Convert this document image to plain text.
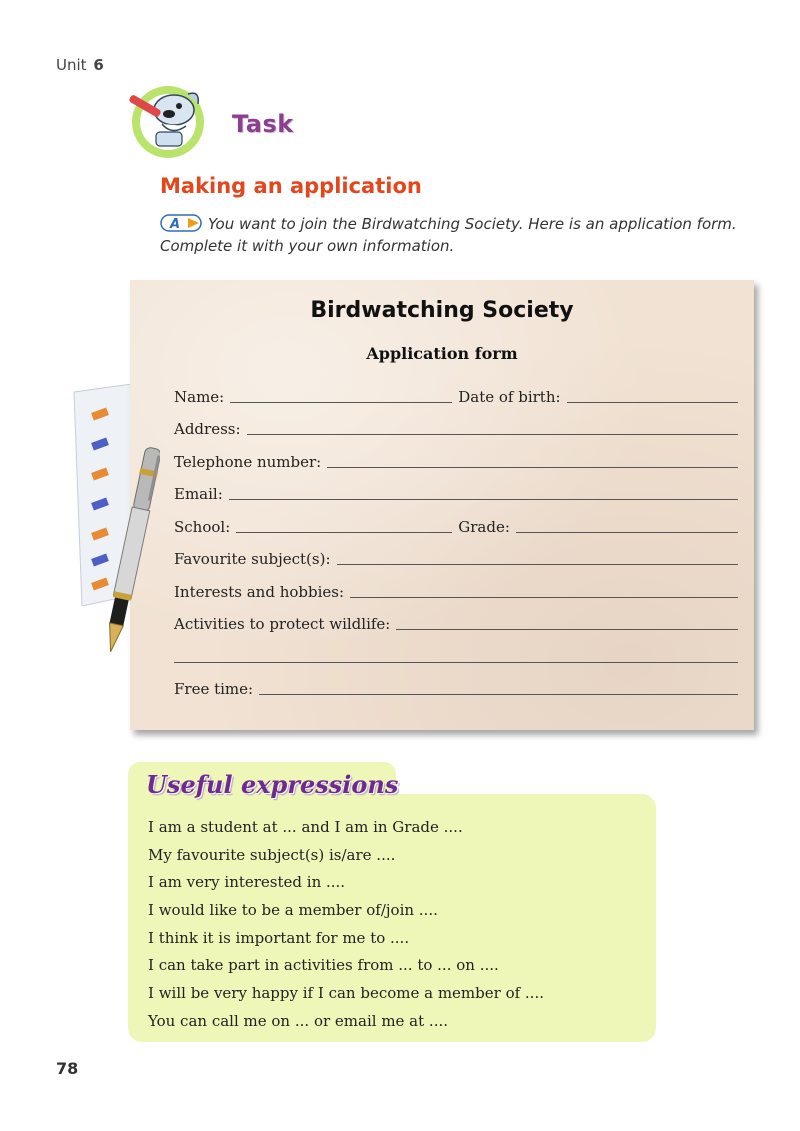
Unit 6
Task
Making an application
A You want to join the Birdwatching Society. Here is an application form. Complete it with your own information.
Birdwatching Society
Application form
Name:	Date of birth:
Address:
Telephone number:
Email:
School:	Grade:
Favourite subject(s):
Interests and hobbies:
Activities to protect wildlife:
Free time:
Useful expressions
I am a student at ... and I am in Grade ....
My favourite subject(s) is/are ....
I am very interested in ....
I would like to be a member of/join ....
I think it is important for me to ....
I can take part in activities from ... to ... on ....
I will be very happy if I can become a member of ....
You can call me on ... or email me at ....
78
